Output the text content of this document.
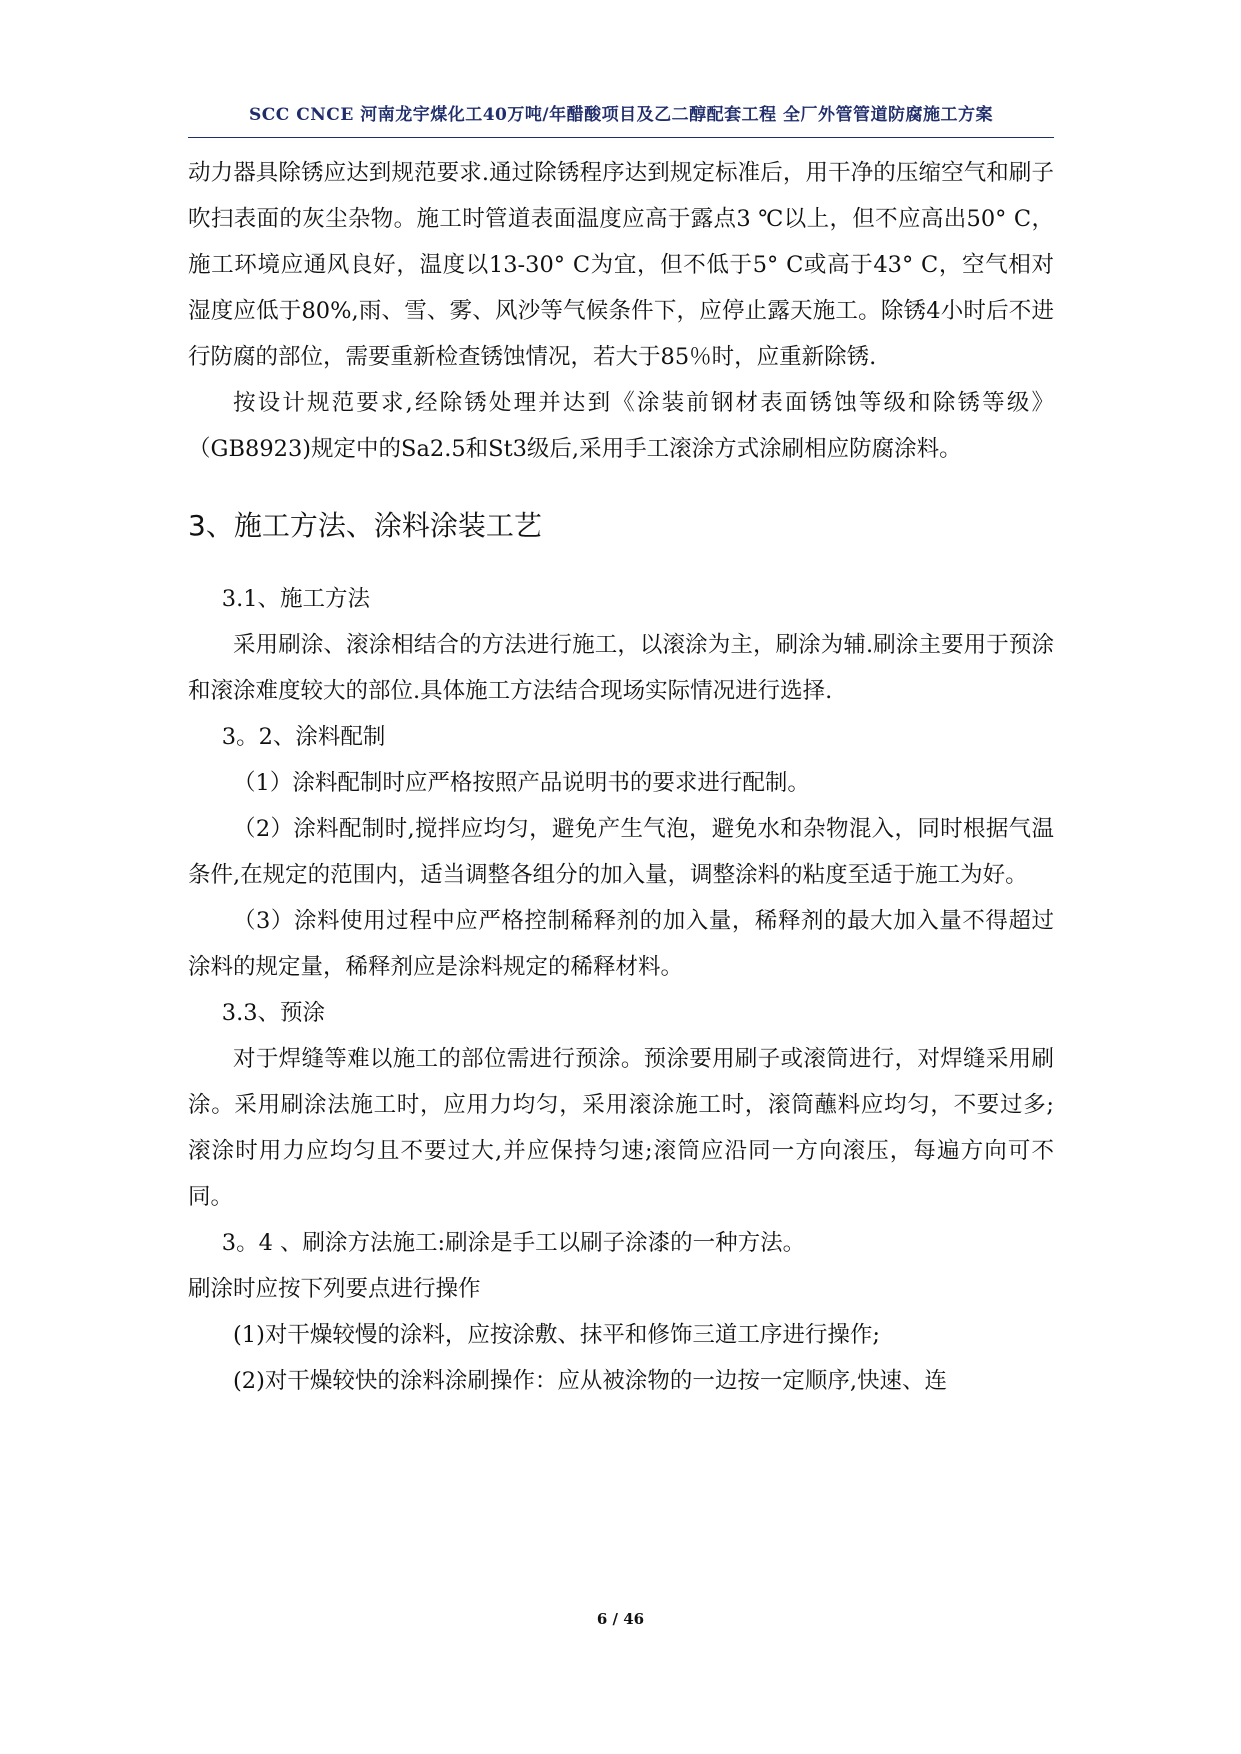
SCC CNCE 河南龙宇煤化工40万吨/年醋酸项目及乙二醇配套工程 全厂外管管道防腐施工方案

动力器具除锈应达到规范要求.通过除锈程序达到规定标准后，用干净的压缩空气和刷子吹扫表面的灰尘杂物。施工时管道表面温度应高于露点3 ℃以上，但不应高出50° C，施工环境应通风良好，温度以13-30° C为宜，但不低于5° C或高于43° C，空气相对湿度应低于80%,雨、雪、雾、风沙等气候条件下，应停止露天施工。除锈4小时后不进行防腐的部位，需要重新检查锈蚀情况，若大于85％时，应重新除锈.

按设计规范要求,经除锈处理并达到《涂装前钢材表面锈蚀等级和除锈等级》（GB8923)规定中的Sa2.5和St3级后,采用手工滚涂方式涂刷相应防腐涂料。

3、施工方法、涂料涂装工艺

3.1、施工方法

采用刷涂、滚涂相结合的方法进行施工，以滚涂为主，刷涂为辅.刷涂主要用于预涂和滚涂难度较大的部位.具体施工方法结合现场实际情况进行选择.

3。2、涂料配制

（1）涂料配制时应严格按照产品说明书的要求进行配制。

（2）涂料配制时,搅拌应均匀，避免产生气泡，避免水和杂物混入，同时根据气温条件,在规定的范围内，适当调整各组分的加入量，调整涂料的粘度至适于施工为好。

（3）涂料使用过程中应严格控制稀释剂的加入量，稀释剂的最大加入量不得超过涂料的规定量，稀释剂应是涂料规定的稀释材料。

3.3、预涂

对于焊缝等难以施工的部位需进行预涂。预涂要用刷子或滚筒进行，对焊缝采用刷涂。采用刷涂法施工时，应用力均匀，采用滚涂施工时，滚筒蘸料应均匀，不要过多; 滚涂时用力应均匀且不要过大,并应保持匀速;滚筒应沿同一方向滚压，每遍方向可不同。

3。4 、刷涂方法施工:刷涂是手工以刷子涂漆的一种方法。

刷涂时应按下列要点进行操作

(1)对干燥较慢的涂料，应按涂敷、抹平和修饰三道工序进行操作;

(2)对干燥较快的涂料涂刷操作：应从被涂物的一边按一定顺序,快速、连

6 / 46
